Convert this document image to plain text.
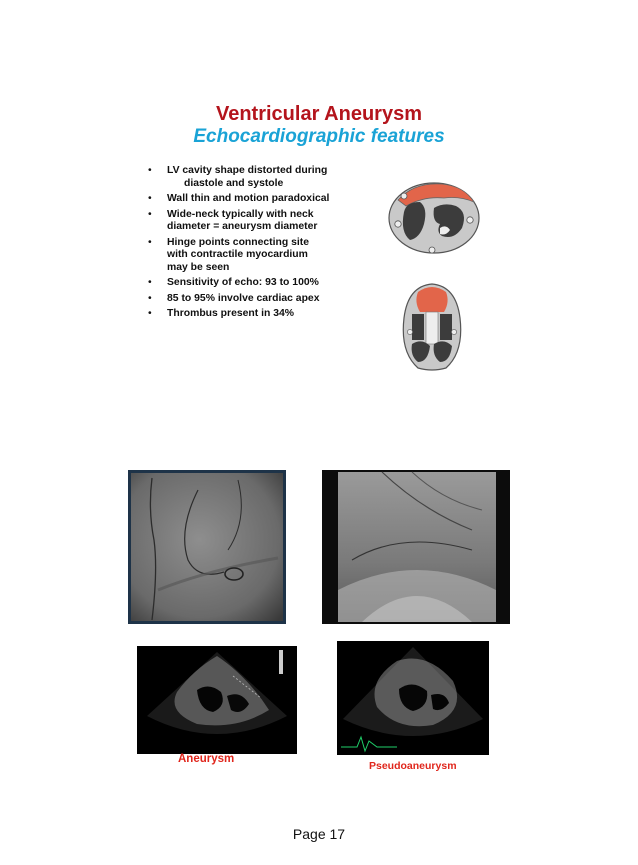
Ventricular Aneurysm
Echocardiographic features
• LV cavity shape distorted during
diastole and systole
• Wall thin and motion paradoxical
• Wide-neck typically with neck diameter = aneurysm diameter
• Hinge points connecting site with contractile myocardium may be seen
• Sensitivity of echo: 93 to 100%
• 85 to 95% involve cardiac apex
• Thrombus present in 34%
Aneurysm
Pseudoaneurysm
Page 17
